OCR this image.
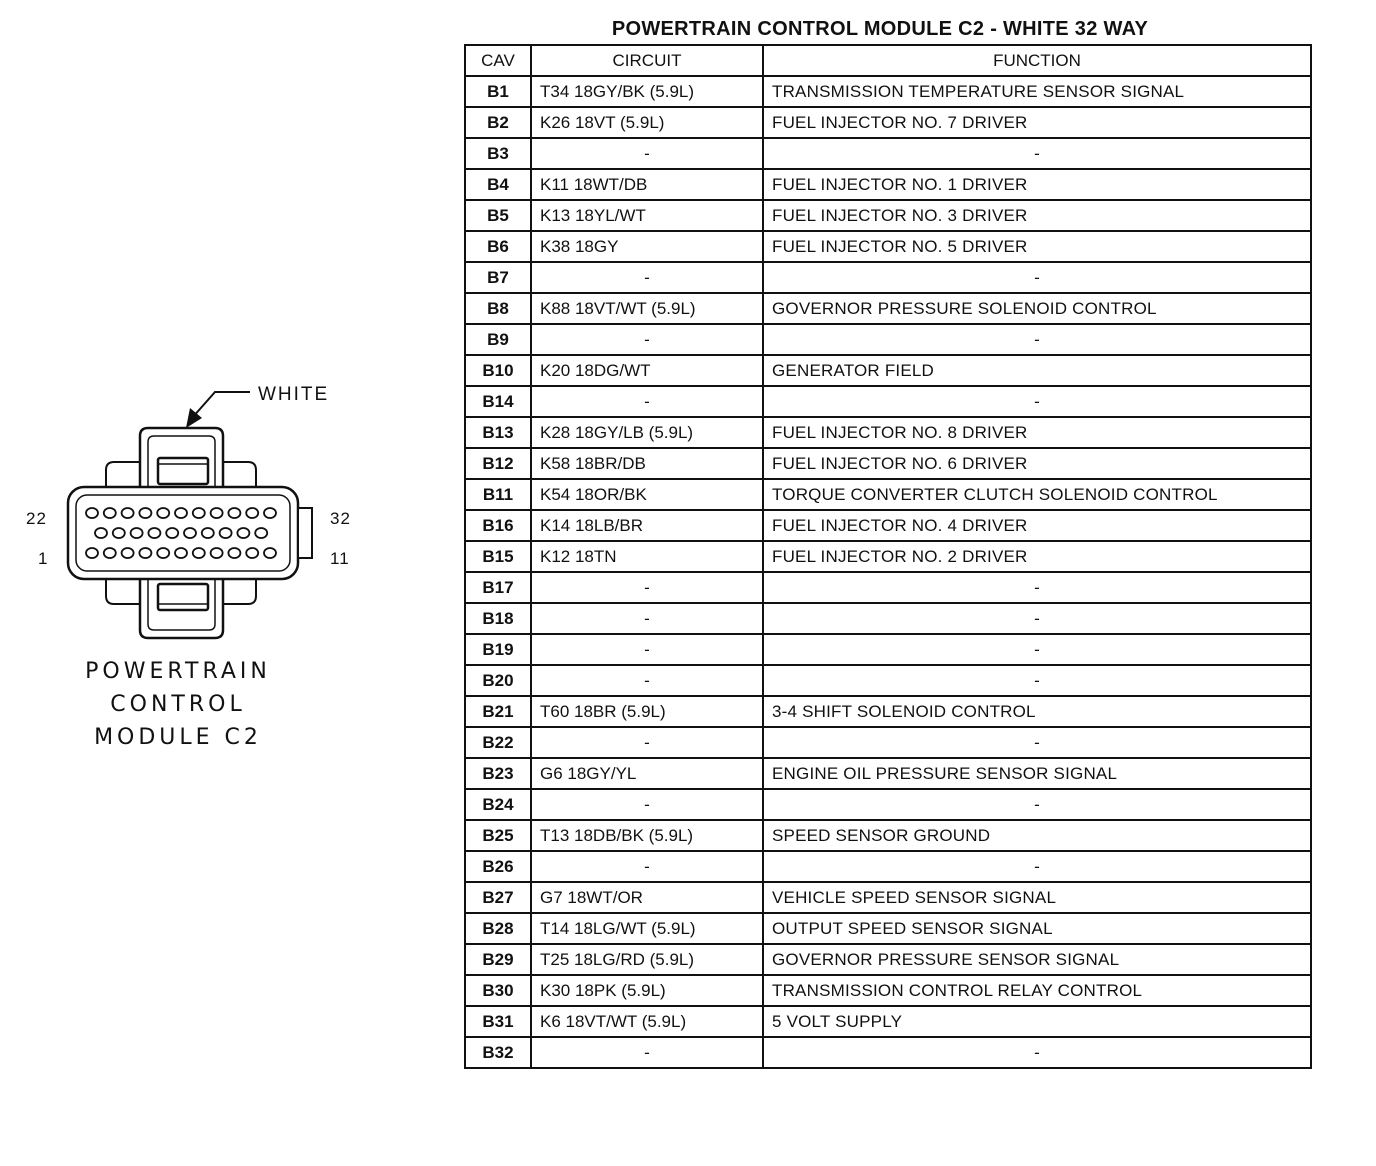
WHITE
22
1
32
11
POWERTRAIN
CONTROL
MODULE C2
POWERTRAIN CONTROL MODULE C2 - WHITE 32 WAY
CAV	CIRCUIT	FUNCTION
B1	T34 18GY/BK (5.9L)	TRANSMISSION TEMPERATURE SENSOR SIGNAL
B2	K26 18VT (5.9L)	FUEL INJECTOR NO. 7 DRIVER
B3	-	-
B4	K11 18WT/DB	FUEL INJECTOR NO. 1 DRIVER
B5	K13 18YL/WT	FUEL INJECTOR NO. 3 DRIVER
B6	K38 18GY	FUEL INJECTOR NO. 5 DRIVER
B7	-	-
B8	K88 18VT/WT (5.9L)	GOVERNOR PRESSURE SOLENOID CONTROL
B9	-	-
B10	K20 18DG/WT	GENERATOR FIELD
B14	-	-
B13	K28 18GY/LB (5.9L)	FUEL INJECTOR NO. 8 DRIVER
B12	K58 18BR/DB	FUEL INJECTOR NO. 6 DRIVER
B11	K54 18OR/BK	TORQUE CONVERTER CLUTCH SOLENOID CONTROL
B16	K14 18LB/BR	FUEL INJECTOR NO. 4 DRIVER
B15	K12 18TN	FUEL INJECTOR NO. 2 DRIVER
B17	-	-
B18	-	-
B19	-	-
B20	-	-
B21	T60 18BR (5.9L)	3-4 SHIFT SOLENOID CONTROL
B22	-	-
B23	G6 18GY/YL	ENGINE OIL PRESSURE SENSOR SIGNAL
B24	-	-
B25	T13 18DB/BK (5.9L)	SPEED SENSOR GROUND
B26	-	-
B27	G7 18WT/OR	VEHICLE SPEED SENSOR SIGNAL
B28	T14 18LG/WT (5.9L)	OUTPUT SPEED SENSOR SIGNAL
B29	T25 18LG/RD (5.9L)	GOVERNOR PRESSURE SENSOR SIGNAL
B30	K30 18PK (5.9L)	TRANSMISSION CONTROL RELAY CONTROL
B31	K6 18VT/WT (5.9L)	5 VOLT SUPPLY
B32	-	-
